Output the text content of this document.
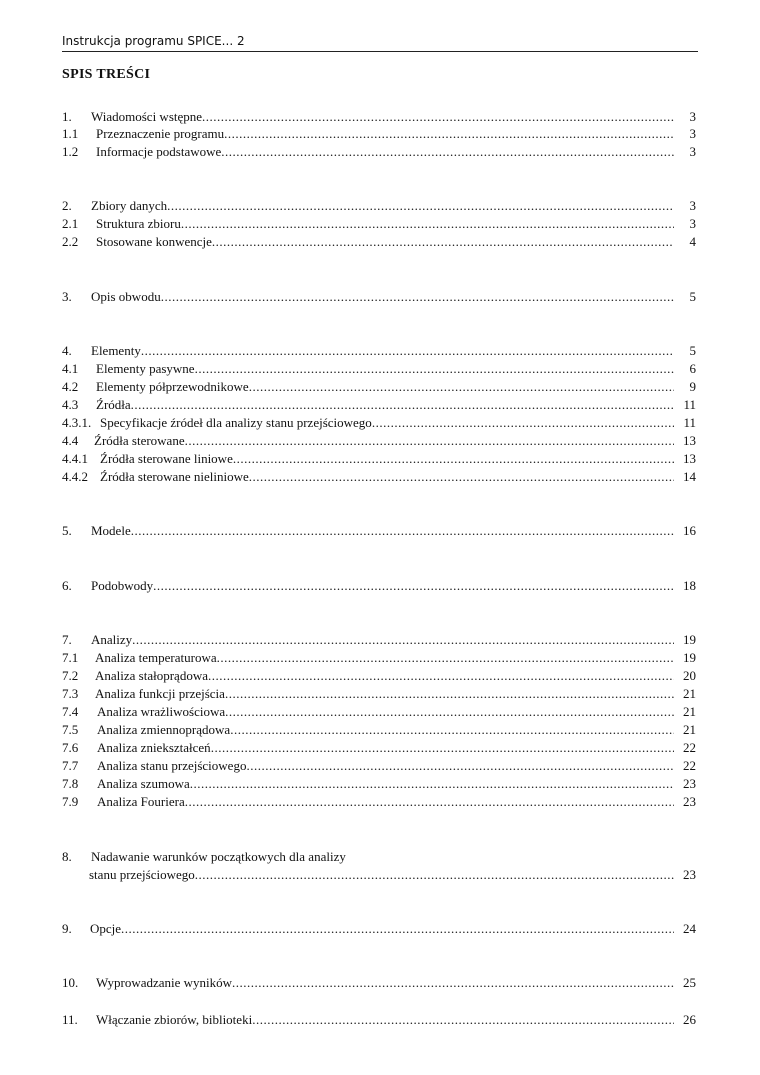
Instrukcja programu SPICE... 2
SPIS TREŚCI
1. Wiadomości wstępne .....	3
1.1 Przeznaczenie programu .....	3
1.2 Informacje podstawowe .....	3
2. Zbiory danych .....	3
2.1 Struktura zbioru .....	3
2.2 Stosowane konwencje .....	4
3. Opis obwodu .....	5
4. Elementy .....	5
4.1 Elementy pasywne .....	6
4.2 Elementy półprzewodnikowe .....	9
4.3 Źródła .....	11
4.3.1. Specyfikacje źródeł dla analizy stanu przejściowego .....	11
4.4 Źródła sterowane .....	13
4.4.1 Źródła sterowane liniowe .....	13
4.4.2 Źródła sterowane nieliniowe .....	14
5. Modele .....	16
6. Podobwody .....	18
7. Analizy .....	19
7.1 Analiza temperaturowa .....	19
7.2 Analiza stałoprądowa .....	20
7.3 Analiza funkcji przejścia .....	21
7.4 Analiza wrażliwościowa .....	21
7.5 Analiza zmiennoprądowa .....	21
7.6 Analiza zniekształceń .....	22
7.7 Analiza stanu przejściowego .....	22
7.8 Analiza szumowa .....	23
7.9 Analiza Fouriera .....	23
8. Nadawanie warunków początkowych dla analizy
stanu przejściowego .....	23
9. Opcje .....	24
10. Wyprowadzanie wyników .....	25
11. Włączanie zbiorów, biblioteki .....	26
